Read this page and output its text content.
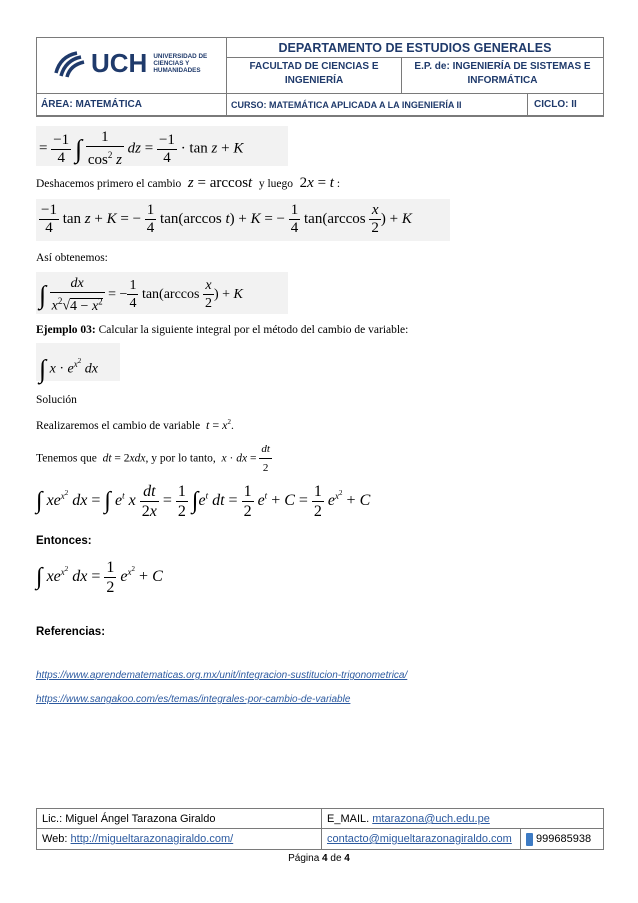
UCH UNIVERSIDAD DE
CIENCIAS Y
HUMANIDADES
DEPARTAMENTO DE ESTUDIOS GENERALES
FACULTAD DE CIENCIAS E INGENIERÍA
E.P. de: INGENIERÍA DE SISTEMAS E INFORMÁTICA
ÁREA: MATEMÁTICA	CURSO: MATEMÁTICA APLICADA A LA INGENIERÍA II	CICLO: II
= $\frac{-1}{4}$ ∫ $\frac{1}{\cos^2 z}$ dz = $\frac{-1}{4} \cdot \tan z + K$
Deshacemos primero el cambio z = arccost y luego  2x = t :
$\frac{-1}{4}$ tan z + K = − $\frac{1}{4} \tan(\arccos$ t) + K = − $\frac{1}{4} \tan(\arccos \frac{x}{2}$ ) + K
Así obtenemos:
∫ $\frac{dx}{x^2√4 - x^2}$ = − $\frac{1}{4} \tan(\arccos \frac{x}{2}$ ) + K
Ejemplo 03: Calcular la siguiente integral por el método del cambio de variable:
∫ $x \cdot e^{x^2}$ dx
Solución
Realizaremos el cambio de variable $t = x^2$.
Tenemos que dt = 2xdx, y por lo tanto, x · dx = $\frac{dt}{2}$
∫ $xe^{x^2}$ dx = ∫ $e^t$ x $\frac{dt}{2x} = \frac{1}{2} \int e^t$ dt = $\frac{1}{2} e^t + C = \frac{1}{2} e^{x^2} + C$
Entonces:
∫ $xe^{x^2}$ dx = $\frac{1}{2} e^{x^2} + C$
Referencias:
https://www.aprendematematicas.org.mx/unit/integracion-sustitucion-trigonometrica/
https://www.sangakoo.com/es/temas/integrales-por-cambio-de-variable
Lic.: Miguel Ángel Tarazona Giraldo	E_MAIL. mtarazona@uch.edu.pe
Web: http://migueltarazonagiraldo.com/	contacto@migueltarazonagiraldo.com	999685938
Página 4 de 4
